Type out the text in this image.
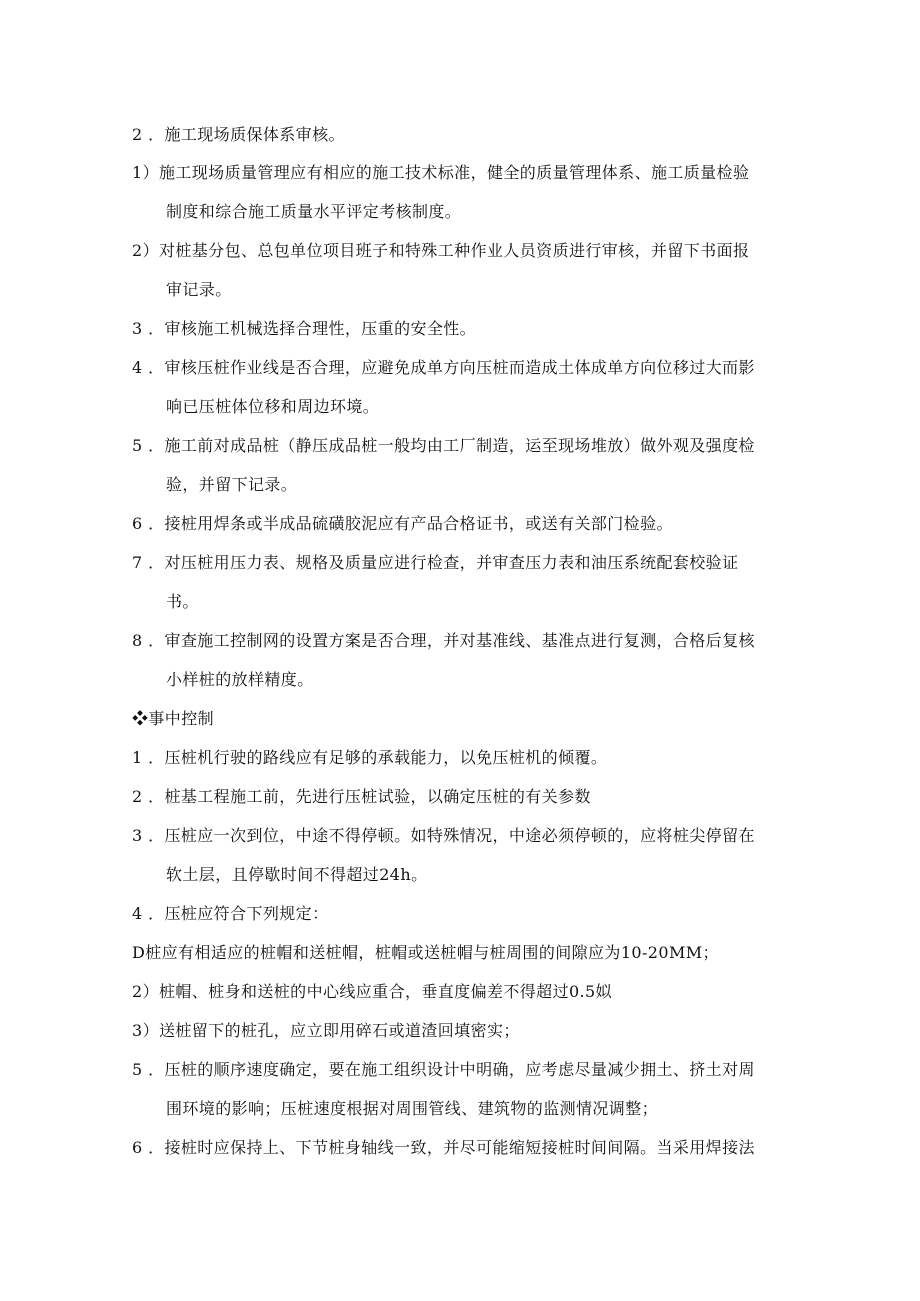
2 ．施工现场质保体系审核。
1）施工现场质量管理应有相应的施工技术标准，健全的质量管理体系、施工质量检验
制度和综合施工质量水平评定考核制度。
2）对桩基分包、总包单位项目班子和特殊工种作业人员资质进行审核，并留下书面报
审记录。
3 ．审核施工机械选择合理性，压重的安全性。
4 ．审核压桩作业线是否合理，应避免成单方向压桩而造成土体成单方向位移过大而影
响已压桩体位移和周边环境。
5 ．施工前对成品桩（静压成品桩一般均由工厂制造，运至现场堆放）做外观及强度检
验，并留下记录。
6 ．接桩用焊条或半成品硫磺胶泥应有产品合格证书，或送有关部门检验。
7 ．对压桩用压力表、规格及质量应进行检查，并审查压力表和油压系统配套校验证
书。
8 ．审查施工控制网的设置方案是否合理，并对基准线、基准点进行复测，合格后复核
小样桩的放样精度。
❖事中控制
1 ．压桩机行驶的路线应有足够的承载能力，以免压桩机的倾覆。
2 ．桩基工程施工前，先进行压桩试验，以确定压桩的有关参数
3 ．压桩应一次到位，中途不得停顿。如特殊情况，中途必须停顿的，应将桩尖停留在
软土层，且停歇时间不得超过24h。
4 ．压桩应符合下列规定：
D桩应有相适应的桩帽和送桩帽，桩帽或送桩帽与桩周围的间隙应为10-20MM；
2）桩帽、桩身和送桩的中心线应重合，垂直度偏差不得超过0.5姒
3）送桩留下的桩孔，应立即用碎石或道渣回填密实；
5 ．压桩的顺序速度确定，要在施工组织设计中明确，应考虑尽量减少拥土、挤土对周
围环境的影响；压桩速度根据对周围管线、建筑物的监测情况调整；
6 ．接桩时应保持上、下节桩身轴线一致，并尽可能缩短接桩时间间隔。当采用焊接法
